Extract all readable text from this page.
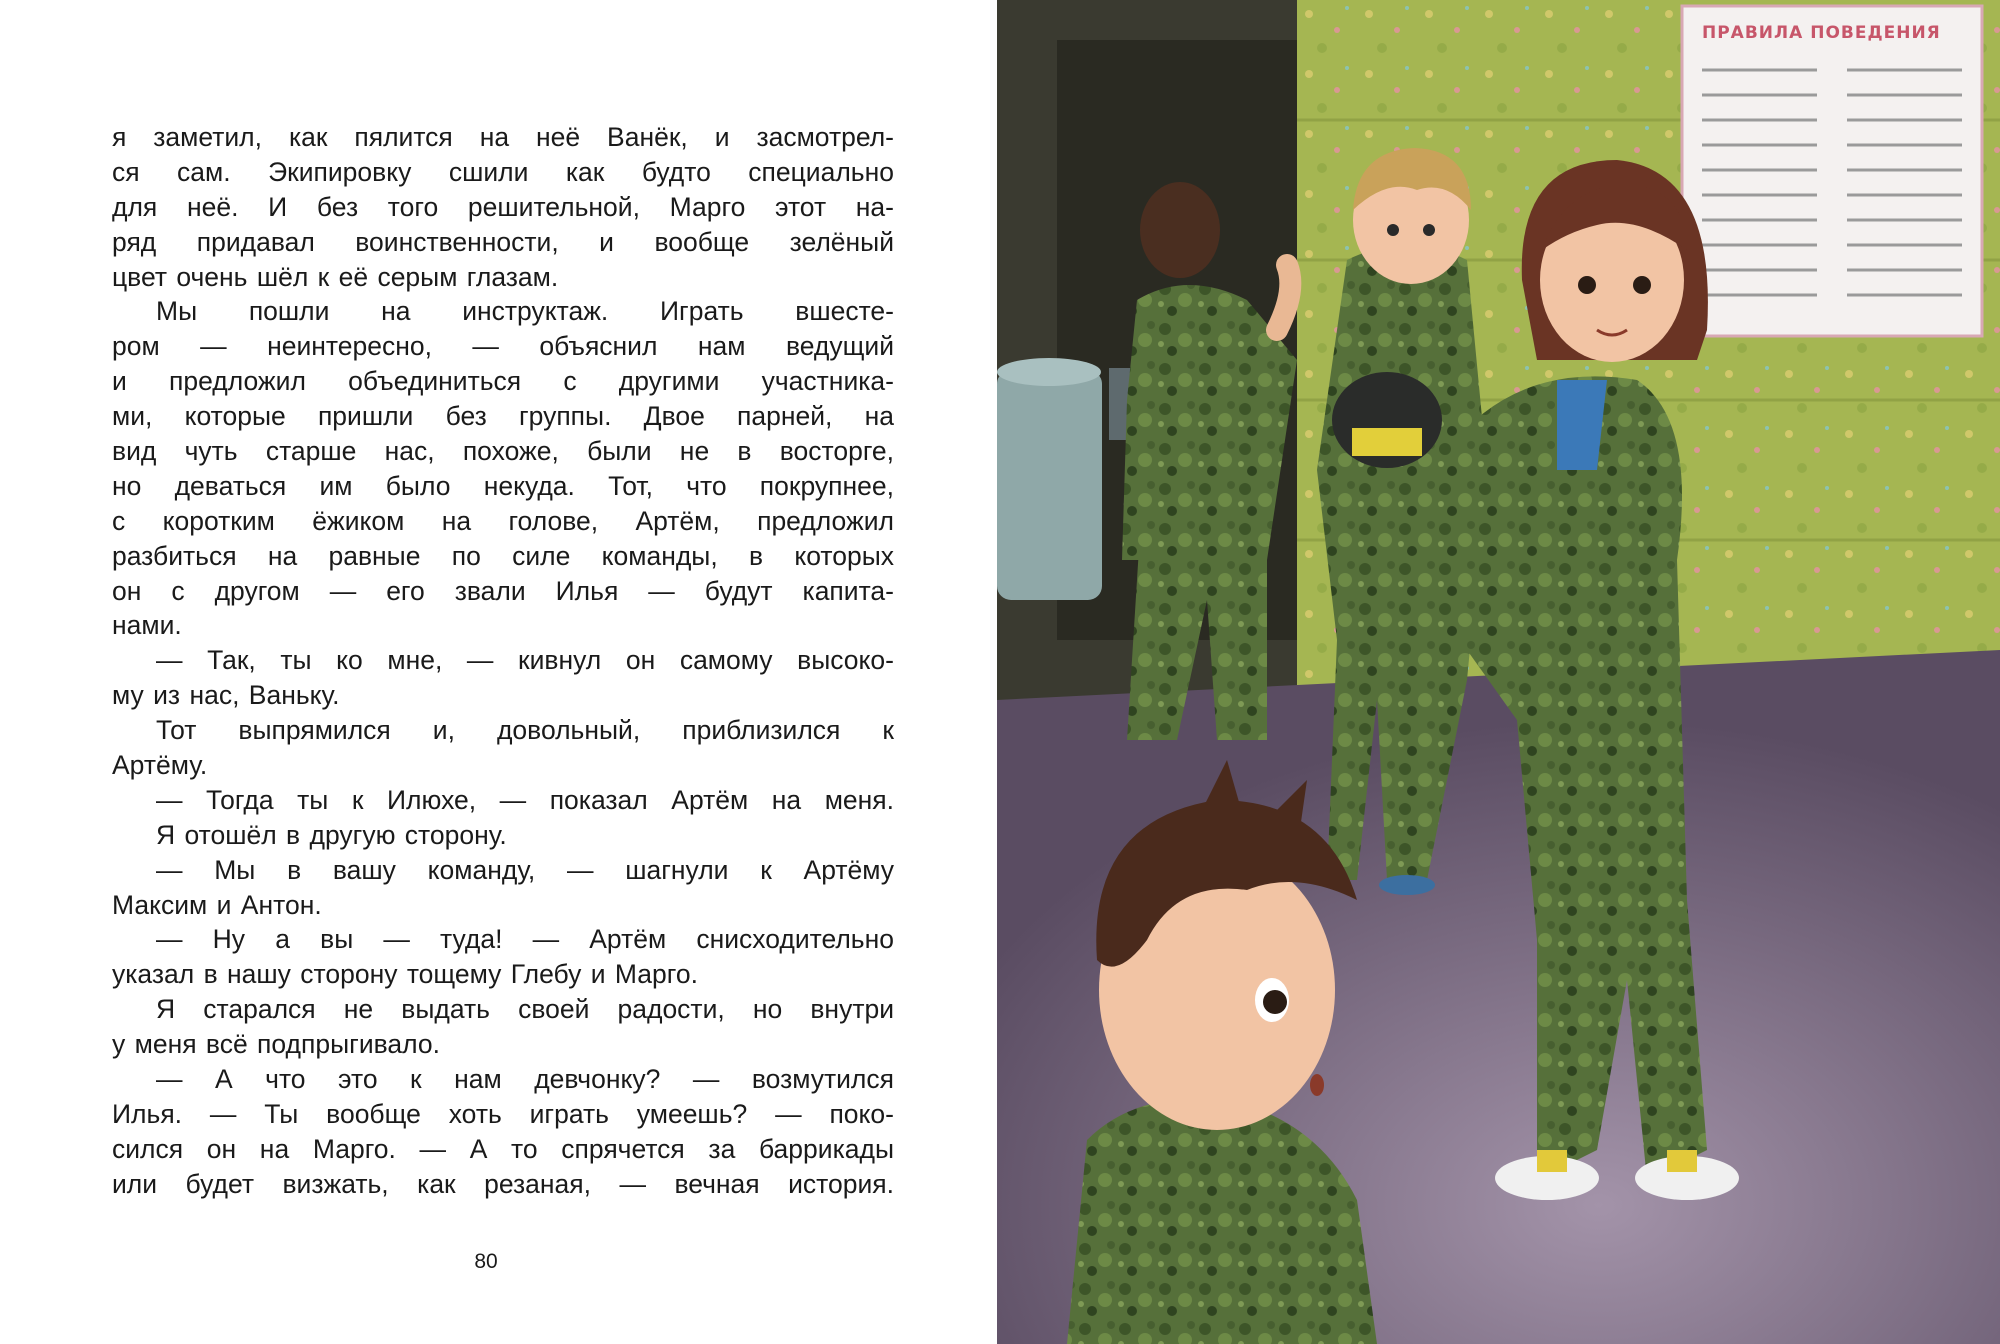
я заметил, как пялится на неё Ванёк, и засмотрел-
ся сам. Экипировку сшили как будто специально
для неё. И без того решительной, Марго этот на-
ряд придавал воинственности, и вообще зелёный
цвет очень шёл к её серым глазам.
Мы пошли на инструктаж. Играть вшесте-
ром — неинтересно, — объяснил нам ведущий
и предложил объединиться с другими участника-
ми, которые пришли без группы. Двое парней, на
вид чуть старше нас, похоже, были не в восторге,
но деваться им было некуда. Тот, что покрупнее,
с коротким ёжиком на голове, Артём, предложил
разбиться на равные по силе команды, в которых
он с другом — его звали Илья — будут капита-
нами.
— Так, ты ко мне, — кивнул он самому высоко-
му из нас, Ваньку.
Тот выпрямился и, довольный, приблизился к
Артёму.
— Тогда ты к Илюхе, — показал Артём на меня.
Я отошёл в другую сторону.
— Мы в вашу команду, — шагнули к Артёму
Максим и Антон.
— Ну а вы — туда! — Артём снисходительно
указал в нашу сторону тощему Глебу и Марго.
Я старался не выдать своей радости, но внутри
у меня всё подпрыгивало.
— А что это к нам девчонку? — возмутился
Илья. — Ты вообще хоть играть умеешь? — поко-
сился он на Марго. — А то спрячется за баррикады
или будет визжать, как резаная, — вечная история.
80
ПРАВИЛА ПОВЕДЕНИЯ
